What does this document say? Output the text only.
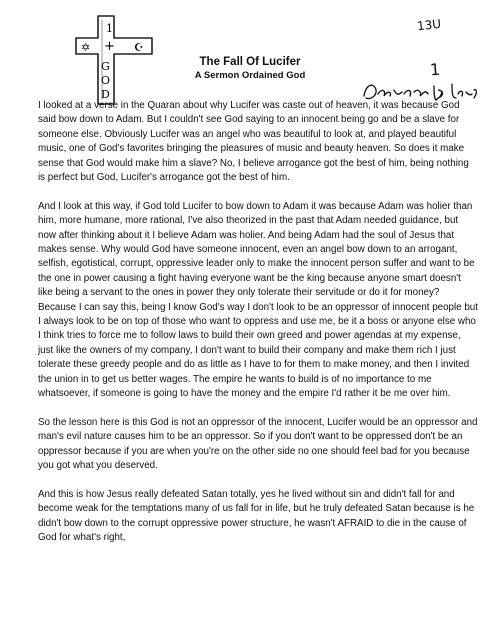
1
+
G
O
D
✡	☪

The Fall Of Lucifer

A Sermon Ordained God

13U
1

I looked at a verse in the Quaran about why Lucifer was caste out of heaven, it was because God said bow down to Adam. But I couldn't see God saying to an innocent being go and be a slave for someone else. Obviously Lucifer was an angel who was beautiful to look at, and played beautiful music, one of God's favorites bringing the pleasures of music and beauty heaven. So does it make sense that God would make him a slave? No, I believe arrogance got the best of him, being nothing is perfect but God, Lucifer's arrogance got the best of him.

And I look at this way, if God told Lucifer to bow down to Adam it was because Adam was holier than him, more humane, more rational, I've also theorized in the past that Adam needed guidance, but now after thinking about it I believe Adam was holier. And being Adam had the soul of Jesus that makes sense. Why would God have someone innocent, even an angel bow down to an arrogant, selfish, egotistical, corrupt, oppressive leader only to make the innocent person suffer and want to be the one in power causing a fight having everyone want be the king because anyone smart doesn't like being a servant to the ones in power they only tolerate their servitude or do it for money? Because I can say this, being I know God's way I don't look to be an oppressor of innocent people but I always look to be on top of those who want to oppress and use me, be it a boss or anyone else who I think tries to force me to follow laws to build their own greed and power agendas at my expense, just like the owners of my company, I don't want to build their company and make them rich I just tolerate these greedy people and do as little as I have to for them to make money, and then I invited the union in to get us better wages. The empire he wants to build is of no importance to me whatsoever, if someone is going to have the money and the empire I'd rather it be me over him.

So the lesson here is this God is not an oppressor of the innocent, Lucifer would be an oppressor and man's evil nature causes him to be an oppressor. So if you don't want to be oppressed don't be an oppressor because if you are when you're on the other side no one should feel bad for you because you got what you deserved.

And this is how Jesus really defeated Satan totally, yes he lived without sin and didn't fall for and become weak for the temptations many of us fall for in life, but he truly defeated Satan because is he didn't bow down to the corrupt oppressive power structure, he wasn't AFRAID to die in the cause of God for what's right,
